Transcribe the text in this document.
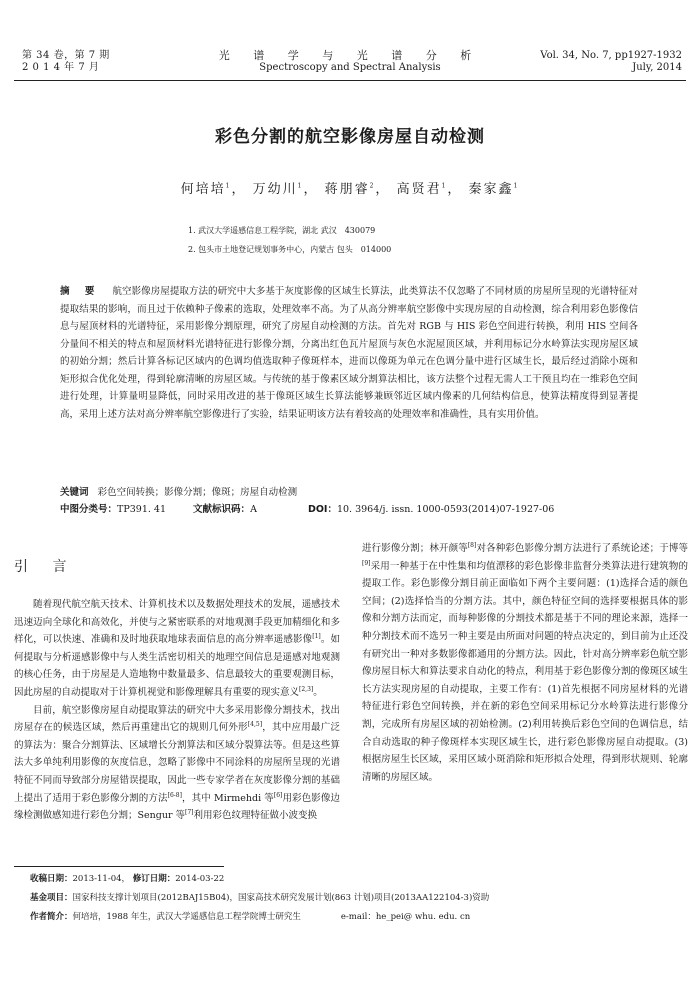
第 34 卷，第 7 期
2 0 1 4 年 7 月
光 谱 学 与 光 谱 分 析
Spectroscopy and Spectral Analysis
Vol. 34, No. 7, pp1927-1932
July, 2014
彩色分割的航空影像房屋自动检测
何培培$^1$， 万幼川$^1$， 蒋朋睿$^2$， 高贤君$^1$， 秦家鑫$^1$
1. 武汉大学遥感信息工程学院，湖北 武汉　430079
2. 包头市土地登记规划事务中心，内蒙古 包头　014000
摘 要 航空影像房屋提取方法的研究中大多基于灰度影像的区域生长算法，此类算法不仅忽略了不同材质的房屋所呈现的光谱特征对提取结果的影响，而且过于依赖种子像素的选取，处理效率不高。为了从高分辨率航空影像中实现房屋的自动检测，综合利用彩色影像信息与屋顶材料的光谱特征，采用影像分割原理，研究了房屋自动检测的方法。首先对 RGB 与 HIS 彩色空间进行转换，利用 HIS 空间各分量间不相关的特点和屋顶材料光谱特征进行影像分割，分离出红色瓦片屋顶与灰色水泥屋顶区域，并利用标记分水岭算法实现房屋区域的初始分割；然后计算各标记区域内的色调均值选取种子像斑样本，进而以像斑为单元在色调分量中进行区域生长，最后经过消除小斑和矩形拟合优化处理，得到轮廓清晰的房屋区域。与传统的基于像素区域分割算法相比，该方法整个过程无需人工干预且均在一维彩色空间进行处理，计算量明显降低，同时采用改进的基于像斑区域生长算法能够兼顾邻近区域内像素的几何结构信息，使算法精度得到显著提高，采用上述方法对高分辨率航空影像进行了实验，结果证明该方法有着较高的处理效率和准确性，具有实用价值。
关键词 彩色空间转换；影像分割；像斑；房屋自动检测
中图分类号：TP391. 41	文献标识码：A	DOI：10. 3964/j. issn. 1000-0593(2014)07-1927-06
引 言

随着现代航空航天技术、计算机技术以及数据处理技术的发展，遥感技术迅速迈向全球化和高效化，并使与之紧密联系的对地观测手段更加精细化和多样化，可以快速、准确和及时地获取地球表面信息的高分辨率遥感影像[1]。如何提取与分析遥感影像中与人类生活密切相关的地理空间信息是遥感对地观测的核心任务，由于房屋是人造地物中数量最多、信息最较大的重要观测目标，因此房屋的自动提取对于计算机视觉和影像理解具有重要的现实意义[2,3]。

目前，航空影像房屋自动提取算法的研究中大多采用影像分割技术，找出房屋存在的候选区域，然后再重建出它的规则几何外形[4,5]，其中应用最广泛的算法为：聚合分割算法、区域增长分割算法和区域分裂算法等。但是这些算法大多单纯利用影像的灰度信息，忽略了影像中不同涂料的房屋所呈现的光谱特征不同而导致部分房屋错误提取，因此一些专家学者在灰度影像分割的基础上提出了适用于彩色影像分割的方法[6-8]，其中 Mirmehdi 等[6]用彩色影像边缘检测做感知进行彩色分割；Sengur 等[7]利用彩色纹理特征做小波变换

进行影像分割；林开颜等[8]对各种彩色影像分割方法进行了系统论述；于博等[9]采用一种基于在中性集和均值漂移的彩色影像非监督分类算法进行建筑物的提取工作。彩色影像分割目前正面临如下两个主要问题：(1)选择合适的颜色空间；(2)选择恰当的分割方法。其中，颜色特征空间的选择要根据具体的影像和分割方法而定，而每种影像的分割技术都是基于不同的理论来源，选择一种分割技术而不选另一种主要是由所面对问题的特点决定的，到目前为止还没有研究出一种对多数影像都通用的分割方法。因此，针对高分辨率彩色航空影像房屋目标大和算法要求自动化的特点，利用基于彩色影像分割的像斑区域生长方法实现房屋的自动提取，主要工作有：(1)首先根据不同房屋材料的光谱特征进行彩色空间转换，并在新的彩色空间采用标记分水岭算法进行影像分割，完成所有房屋区域的初始检测。(2)利用转换后彩色空间的色调信息，结合自动选取的种子像斑样本实现区域生长，进行彩色影像房屋自动提取。(3)根据房屋生长区域，采用区域小斑消除和矩形拟合处理，得到形状规则、轮廓清晰的房屋区域。

收稿日期：2013-11-04， 修订日期：2014-03-22
基金项目：国家科技支撑计划项目(2012BAJ15B04)，国家高技术研究发展计划(863 计划)项目(2013AA122104-3)资助
作者简介：何培培，1988 年生，武汉大学遥感信息工程学院博士研究生	e-mail：he_pei@ whu. edu. cn
